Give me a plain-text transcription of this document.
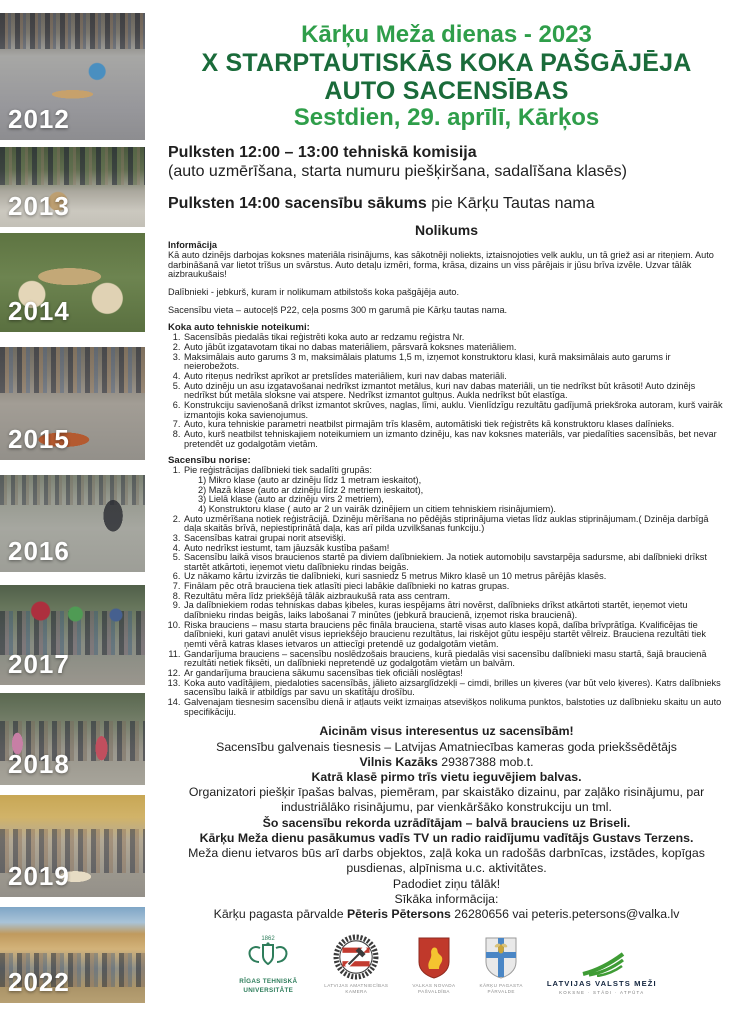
2012
2013
2014
2015
2016
2017
2018
2019
2022
Kārķu Meža dienas - 2023
X STARPTAUTISKĀS KOKA PAŠGĀJĒJA
AUTO SACENSĪBAS
Sestdien, 29. aprīlī, Kārķos
Pulksten 12:00 – 13:00 tehniskā komisija
(auto uzmērīšana, starta numuru piešķiršana, sadalīšana klasēs)
Pulksten 14:00 sacensību sākums pie Kārķu Tautas nama
Nolikums
Informācija

Kā auto dzinējs darbojas koksnes materiāla risinājums, kas sākotnēji noliekts, iztaisnojoties velk auklu, un tā griež asi ar riteņiem. Auto darbināšanā var lietot trīšus un svārstus. Auto detaļu izmēri, forma, krāsa, dizains un viss pārējais ir jūsu brīva izvēle. Uzvar tālāk aizbraukušais!

Dalībnieki - jebkurš, kuram ir nolikumam atbilstošs koka pašgājēja auto.

Sacensību vieta – autoceļš P22, ceļa posms 300 m garumā pie Kārķu tautas nama.

Koka auto tehniskie noteikumi:
1. Sacensībās piedalās tikai reģistrēti koka auto ar redzamu reģistra Nr.
2. Auto jābūt izgatavotam tikai no dabas materiāliem, pārsvarā koksnes materiāliem.
3. Maksimālais auto garums 3 m, maksimālais platums 1,5 m, izņemot konstruktoru klasi, kurā maksimālais auto garums ir neierobežots.
4. Auto riteņus nedrīkst aprīkot ar pretslīdes materiāliem, kuri nav dabas materiāli.
5. Auto dzinēju un asu izgatavošanai nedrīkst izmantot metālus, kuri nav dabas materiāli, un tie nedrīkst būt krāsoti! Auto dzinējs nedrīkst būt metāla sloksne vai atspere. Nedrīkst izmantot gultņus. Aukla nedrīkst būt elastīga.
6. Konstrukciju savienošanā drīkst izmantot skrūves, naglas, līmi, auklu. Vienlīdzīgu rezultātu gadījumā priekšroka autoram, kurš vairāk izmantojis koka savienojumus.
7. Auto, kura tehniskie parametri neatbilst pirmajām trīs klasēm, automātiski tiek reģistrēts kā konstruktoru klases dalīnieks.
8. Auto, kurš neatbilst tehniskajiem noteikumiem un izmanto dzinēju, kas nav koksnes materiāls, var piedalīties sacensībās, bet nevar pretendēt uz godalgotām vietām.
Sacensību norise:
1. Pie reģistrācijas dalībnieki tiek sadalīti grupās:
1) Mikro klase (auto ar dzinēju līdz 1 metram ieskaitot),
2) Mazā klase (auto ar dzinēju līdz 2 metriem ieskaitot),
3) Lielā klase (auto ar dzinēju virs 2 metriem),
4) Konstruktoru klase ( auto ar 2 un vairāk dzinējiem un citiem tehniskiem risinājumiem).
2. Auto uzmērīšana notiek reģistrācijā. Dzinēju mērīšana no pēdējās stiprinājuma vietas līdz auklas stiprinājumam.( Dzinēja darbīgā daļa skaitās brīvā, nepiestiprinātā daļa, kas arī pilda uzvilkšanas funkciju.)
3. Sacensības katrai grupai norit atsevišķi.
4. Auto nedrīkst iestumt, tam jāuzsāk kustība pašam!
5. Sacensību laikā visos braucienos startē pa diviem dalībniekiem. Ja notiek automobiļu savstarpēja sadursme, abi dalībnieki drīkst startēt atkārtoti, ieņemot vietu dalībnieku rindas beigās.
6. Uz nākamo kārtu izvirzās tie dalībnieki, kuri sasniedz 5 metrus Mikro klasē un 10 metrus pārējās klasēs.
7. Finālam pēc otrā brauciena tiek atlasīti pieci labākie dalībnieki no katras grupas.
8. Rezultātu mēra līdz priekšējā tālāk aizbraukušā rata ass centram.
9. Ja dalībniekiem rodas tehniskas dabas ķibeles, kuras iespējams ātri novērst, dalībnieks drīkst atkārtoti startēt, ieņemot vietu dalībnieku rindas beigās, laiks labošanai 7 minūtes (jebkurā braucienā, izņemot riska braucienā).
10. Riska brauciens – masu starta brauciens pēc fināla brauciena, startē visas auto klases kopā, dalība brīvprātīga. Kvalificējas tie dalībnieki, kuri gatavi anulēt visus iepriekšējo braucienu rezultātus, lai riskējot gūtu iespēju startēt vēlreiz. Brauciena rezultāti tiek ņemti vērā katras klases ietvaros un attiecīgi pretendē uz godalgotām vietām.
11. Gandarījuma brauciens – sacensību noslēdzošais brauciens, kurā piedalās visi sacensību dalībnieki masu startā, šajā braucienā rezultāti netiek fiksēti, un dalībnieki nepretendē uz godalgotām vietām un balvām.
12. Ar gandarījuma brauciena sākumu sacensības tiek oficiāli noslēgtas!
13. Koka auto vadītājiem, piedaloties sacensībās, jālieto aizsarglīdzekļi – cimdi, brilles un ķiveres (var būt velo ķiveres). Katrs dalībnieks sacensību laikā ir atbildīgs par savu un skatītāju drošību.
14. Galvenajam tiesnesim sacensību dienā ir atļauts veikt izmaiņas atsevišķos nolikuma punktos, balstoties uz dalībnieku skaitu un auto specifikāciju.

Aicinām visus interesentus uz sacensībām!

Sacensību galvenais tiesnesis – Latvijas Amatniecības kameras goda priekšsēdētājs

Vilnis Kazāks 29387388 mob.t.

Katrā klasē pirmo trīs vietu ieguvējiem balvas.

Organizatori piešķir īpašas balvas, piemēram, par skaistāko dizainu, par zaļāko risinājumu, par industriālāko risinājumu, par vienkāršāko konstrukciju un tml.

Šo sacensību rekorda uzrādītājam – balvā brauciens uz Briseli.

Kārķu Meža dienu pasākumus vadīs TV un radio raidījumu vadītājs Gustavs Terzens.

Meža dienu ietvaros būs arī darbs objektos, zaļā koka un radošās darbnīcas, izstādes, kopīgas pusdienas, alpīnisma u.c. aktivitātes.

Padodiet ziņu tālāk!

Sīkāka informācija:

Kārķu pagasta pārvalde Pēteris Pētersons 26280656 vai peteris.petersons@valka.lv

1862
RĪGAS TEHNISKĀ
UNIVERSITĀTE
LATVIJAS AMATNIECĪBAS
KAMERA
VALKAS NOVADA
PAŠVALDĪBA
KĀRĶU PAGASTA
PĀRVALDE
LATVIJAS VALSTS MEŽI
KOKSNE · STĀDI · ATPŪTA
